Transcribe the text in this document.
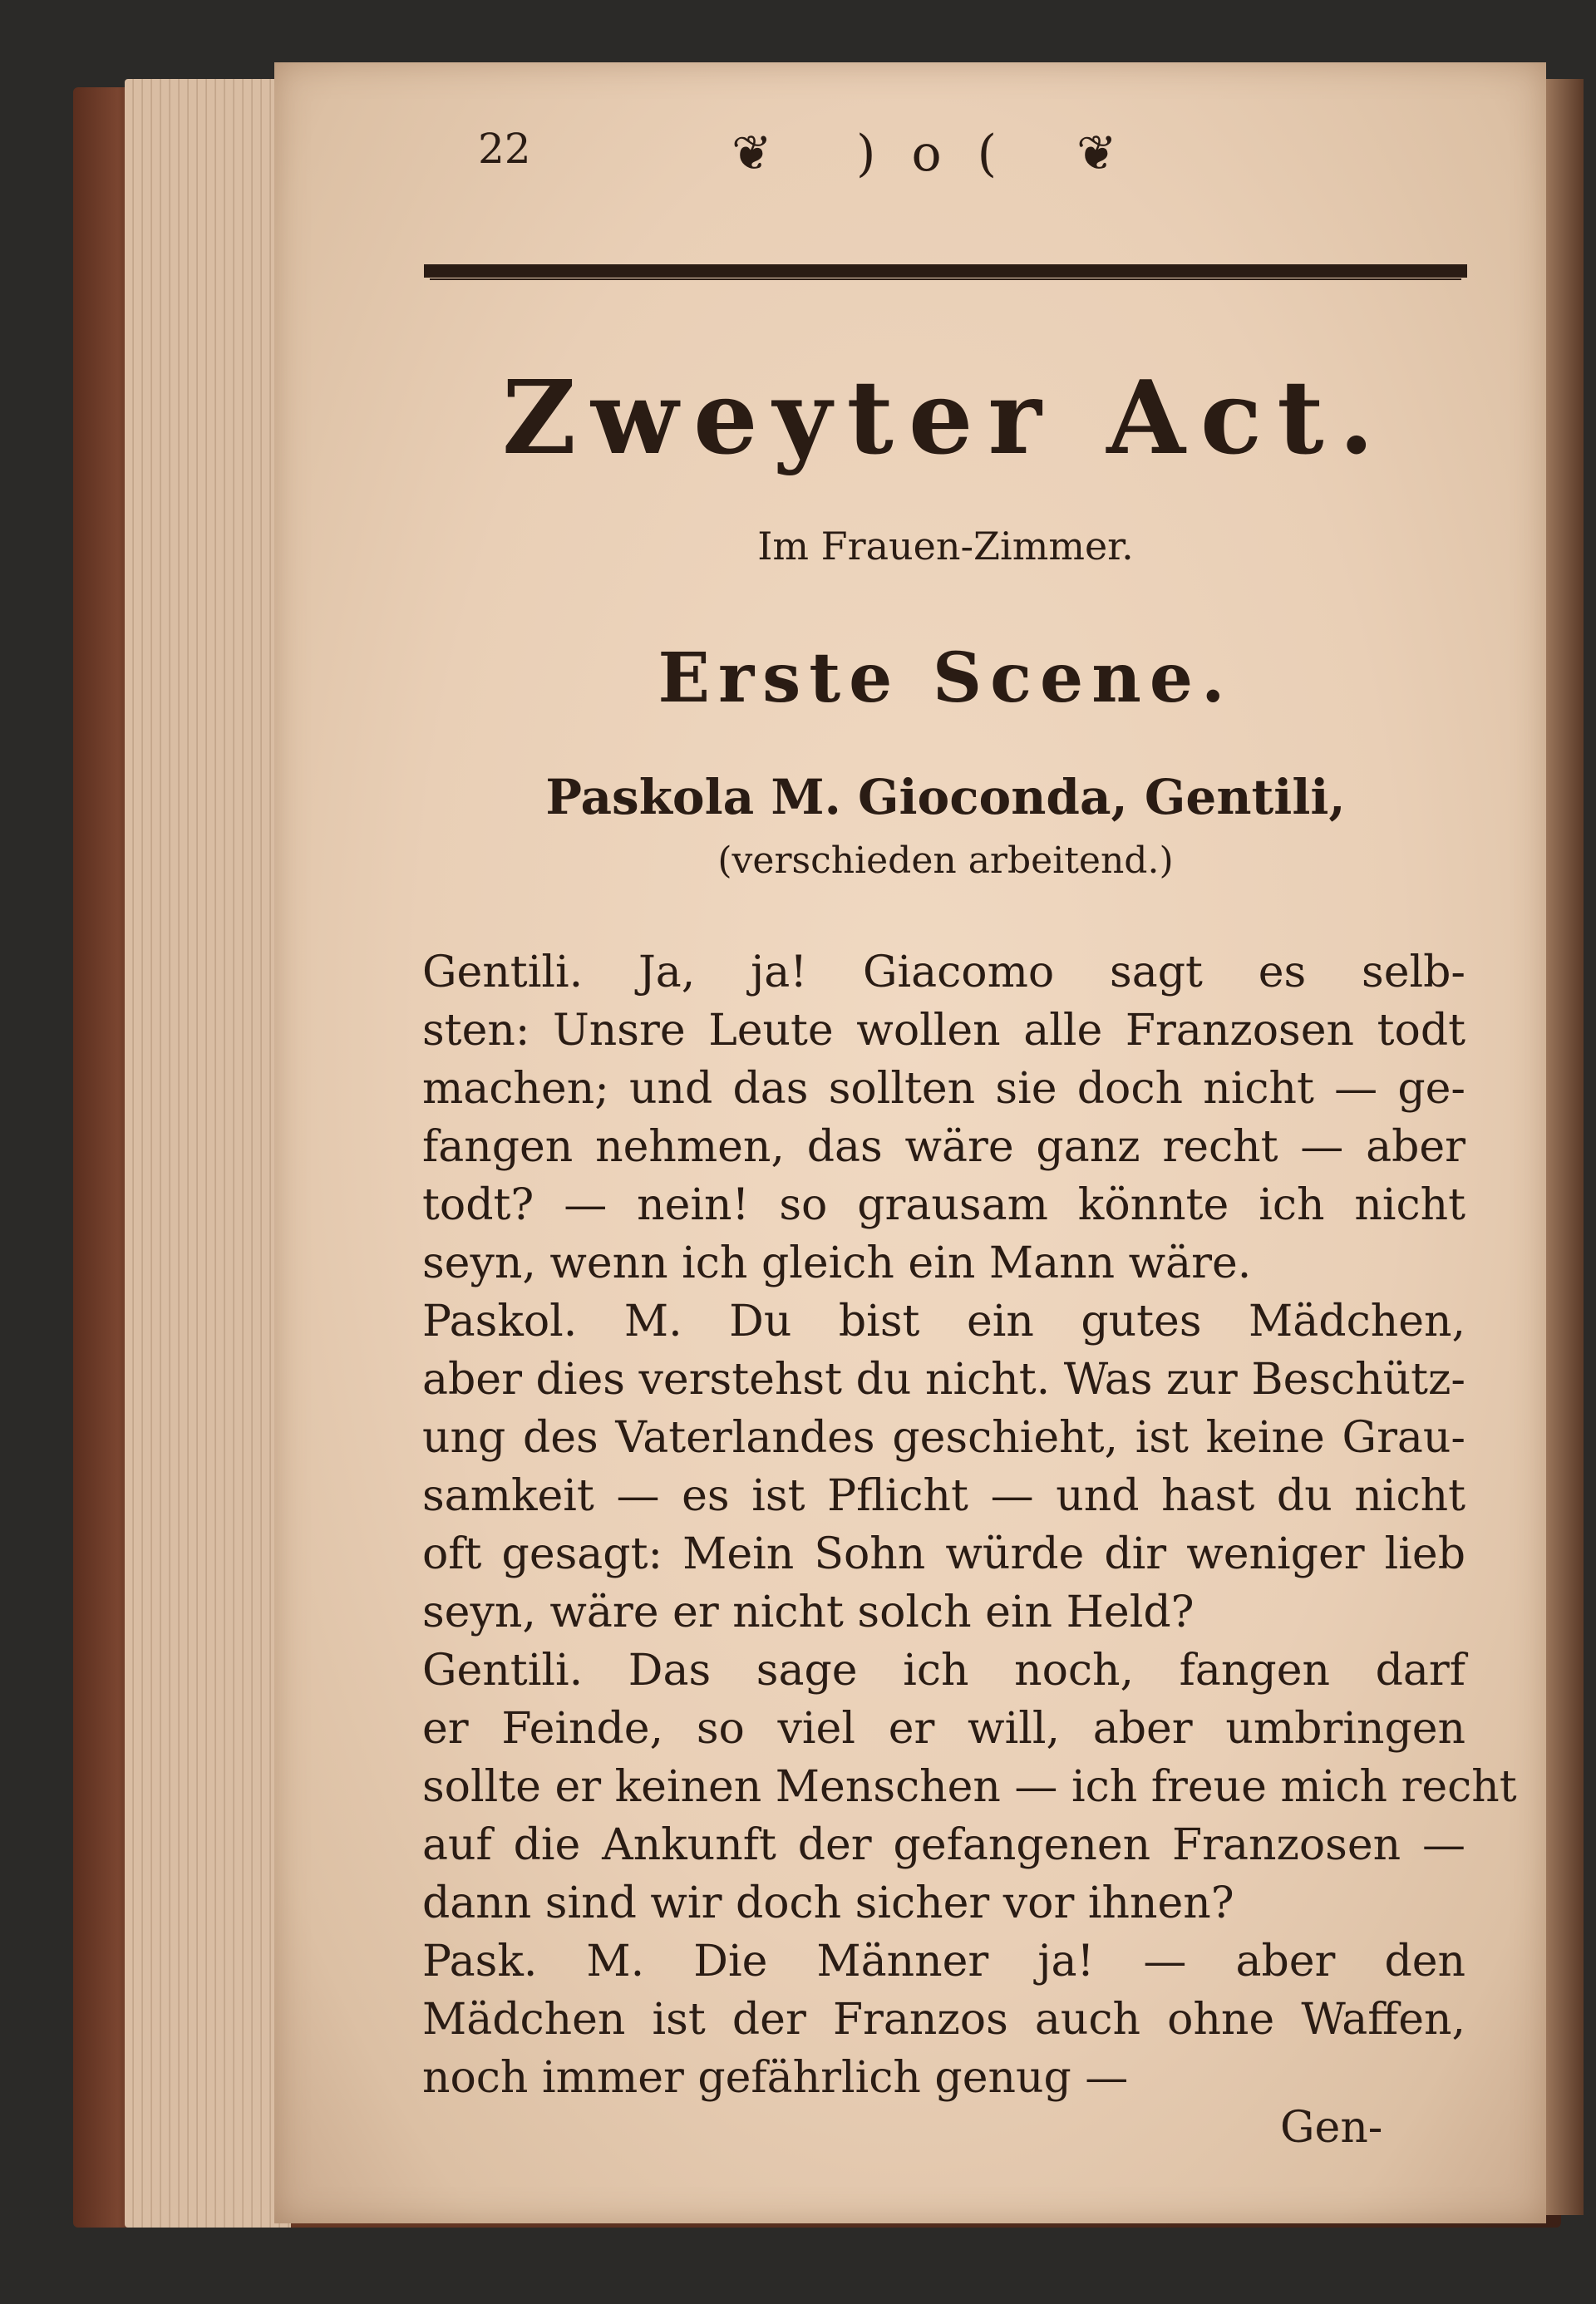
22	❦ ) o ( ❦
Zweyter Act.
Im Frauen-Zimmer.
Erste Scene.
Paskola M. Gioconda, Gentili,
(verschieden arbeitend.)
Gentili. Ja, ja! Giacomo sagt es selb-
sten: Unsre Leute wollen alle Franzosen todt
machen; und das sollten sie doch nicht — ge-
fangen nehmen, das wäre ganz recht — aber
todt? — nein! so grausam könnte ich nicht
seyn, wenn ich gleich ein Mann wäre.
Paskol. M. Du bist ein gutes Mädchen,
aber dies verstehst du nicht. Was zur Beschütz-
ung des Vaterlandes geschieht, ist keine Grau-
samkeit — es ist Pflicht — und hast du nicht
oft gesagt: Mein Sohn würde dir weniger lieb
seyn, wäre er nicht solch ein Held?
Gentili. Das sage ich noch, fangen darf
er Feinde, so viel er will, aber umbringen
sollte er keinen Menschen — ich freue mich recht
auf die Ankunft der gefangenen Franzosen —
dann sind wir doch sicher vor ihnen?
Pask. M. Die Männer ja! — aber den
Mädchen ist der Franzos auch ohne Waffen,
noch immer gefährlich genug —
Gen-
